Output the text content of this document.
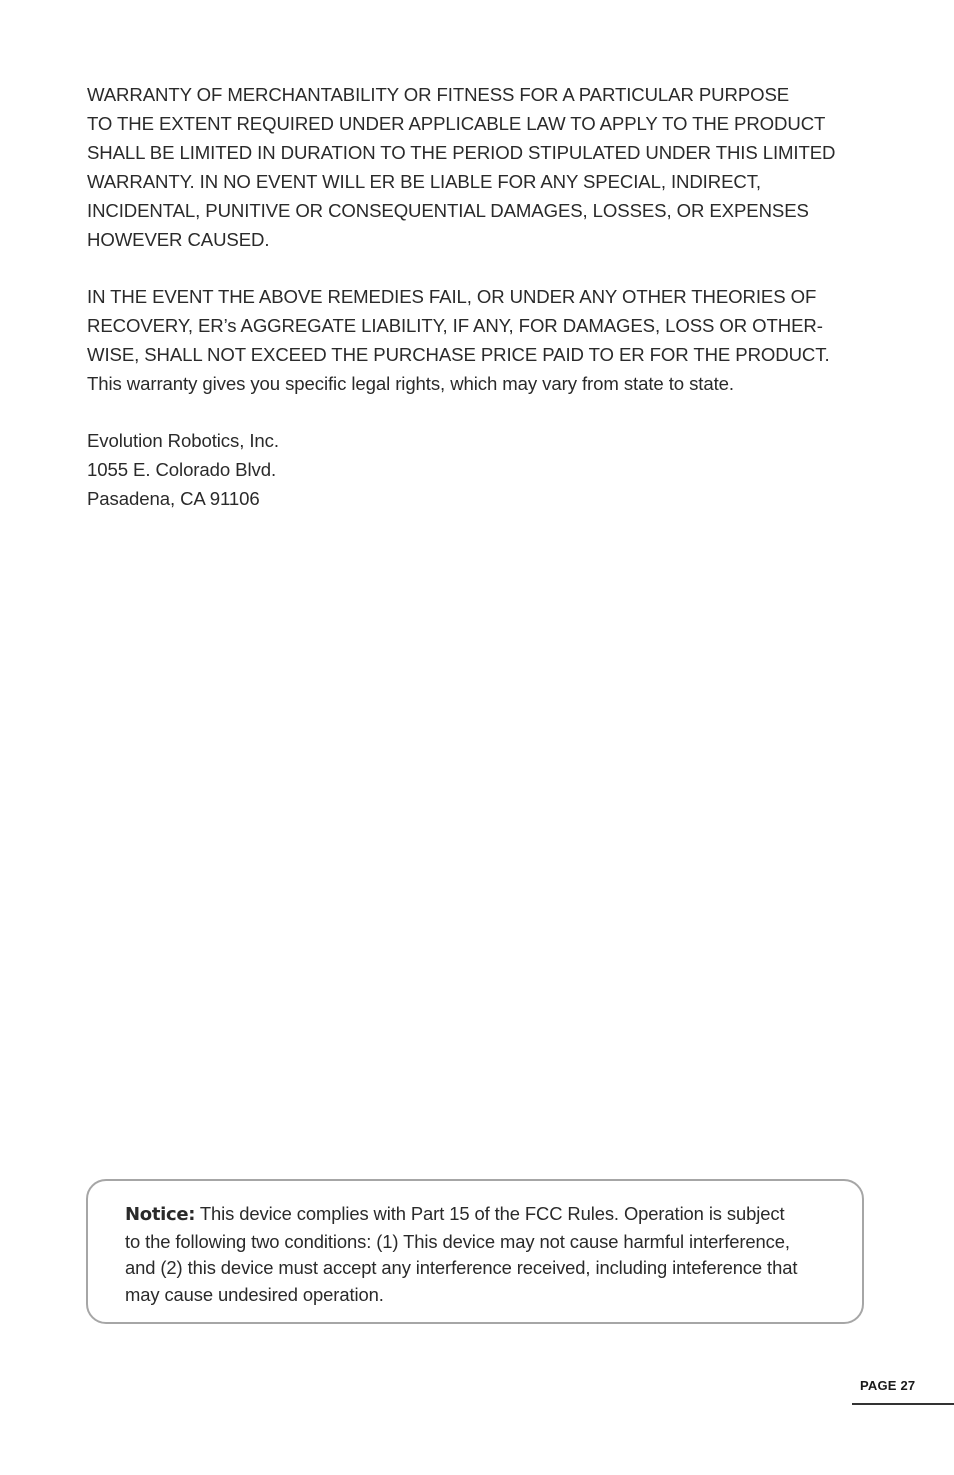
WARRANTY OF MERCHANTABILITY OR FITNESS FOR A PARTICULAR PURPOSE
TO THE EXTENT REQUIRED UNDER APPLICABLE LAW TO APPLY TO THE PRODUCT
SHALL BE LIMITED IN DURATION TO THE PERIOD STIPULATED UNDER THIS LIMITED
WARRANTY. IN NO EVENT WILL ER BE LIABLE FOR ANY SPECIAL, INDIRECT,
INCIDENTAL, PUNITIVE OR CONSEQUENTIAL DAMAGES, LOSSES, OR EXPENSES
HOWEVER CAUSED.
IN THE EVENT THE ABOVE REMEDIES FAIL, OR UNDER ANY OTHER THEORIES OF
RECOVERY, ER’s AGGREGATE LIABILITY, IF ANY, FOR DAMAGES, LOSS OR OTHER-
WISE, SHALL NOT EXCEED THE PURCHASE PRICE PAID TO ER FOR THE PRODUCT.
This warranty gives you specific legal rights, which may vary from state to state.
Evolution Robotics, Inc.
1055 E. Colorado Blvd.
Pasadena, CA 91106
Notice: This device complies with Part 15 of the FCC Rules. Operation is subject
to the following two conditions: (1) This device may not cause harmful interference,
and (2) this device must accept any interference received, including inteference that
may cause undesired operation.
PAGE 27
